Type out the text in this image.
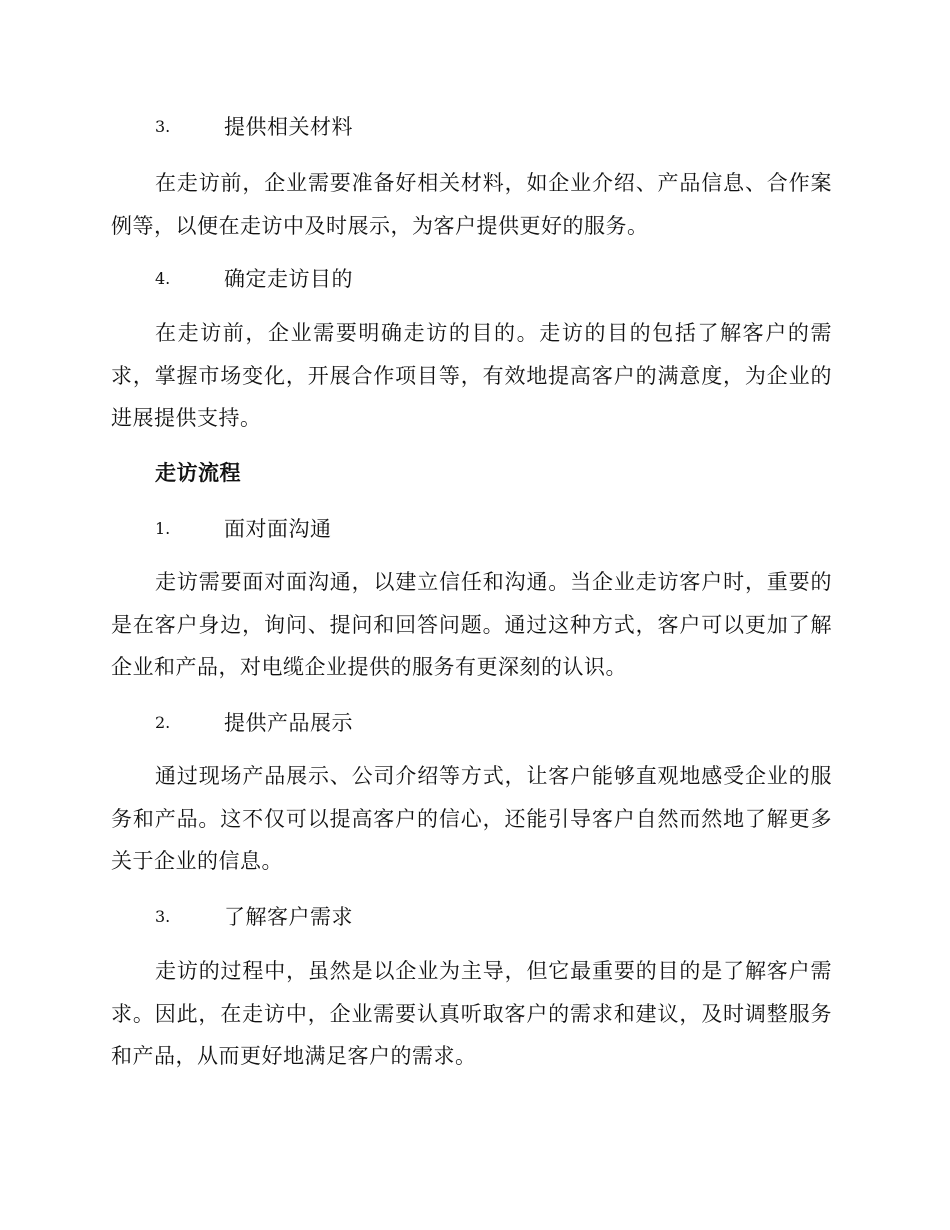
3.	提供相关材料

在走访前，企业需要准备好相关材料，如企业介绍、产品信息、合作案例等，以便在走访中及时展示，为客户提供更好的服务。

4.	确定走访目的

在走访前，企业需要明确走访的目的。走访的目的包括了解客户的需求，掌握市场变化，开展合作项目等，有效地提高客户的满意度，为企业的进展提供支持。

走访流程
1.	面对面沟通

走访需要面对面沟通，以建立信任和沟通。当企业走访客户时，重要的是在客户身边，询问、提问和回答问题。通过这种方式，客户可以更加了解企业和产品，对电缆企业提供的服务有更深刻的认识。

2.	提供产品展示

通过现场产品展示、公司介绍等方式，让客户能够直观地感受企业的服务和产品。这不仅可以提高客户的信心，还能引导客户自然而然地了解更多关于企业的信息。

3.	了解客户需求

走访的过程中，虽然是以企业为主导，但它最重要的目的是了解客户需求。因此，在走访中，企业需要认真听取客户的需求和建议，及时调整服务和产品，从而更好地满足客户的需求。
